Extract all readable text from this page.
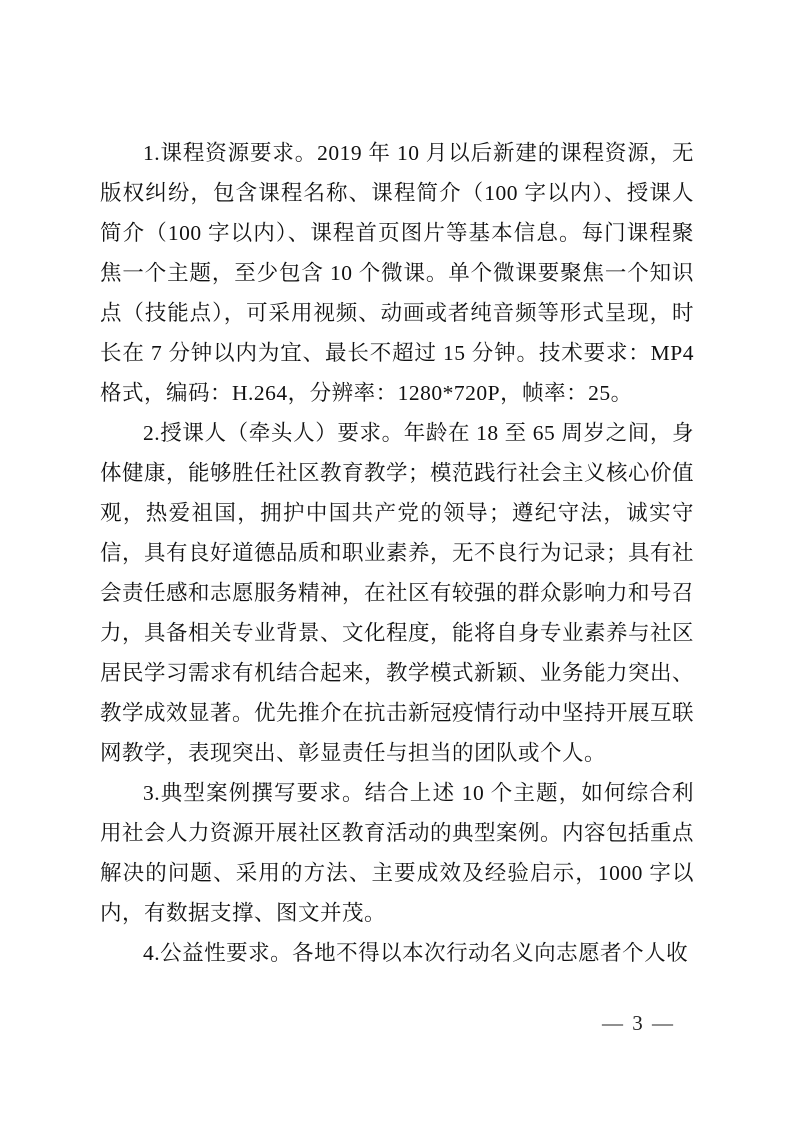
1.课程资源要求。2019 年 10 月以后新建的课程资源，无版权纠纷，包含课程名称、课程简介（100 字以内）、授课人简介（100 字以内）、课程首页图片等基本信息。每门课程聚焦一个主题，至少包含 10 个微课。单个微课要聚焦一个知识点（技能点），可采用视频、动画或者纯音频等形式呈现，时长在 7 分钟以内为宜、最长不超过 15 分钟。技术要求：MP4 格式，编码：H.264，分辨率：1280*720P，帧率：25。

2.授课人（牵头人）要求。年龄在 18 至 65 周岁之间，身体健康，能够胜任社区教育教学；模范践行社会主义核心价值观，热爱祖国，拥护中国共产党的领导；遵纪守法，诚实守信，具有良好道德品质和职业素养，无不良行为记录；具有社会责任感和志愿服务精神，在社区有较强的群众影响力和号召力，具备相关专业背景、文化程度，能将自身专业素养与社区居民学习需求有机结合起来，教学模式新颖、业务能力突出、教学成效显著。优先推介在抗击新冠疫情行动中坚持开展互联网教学，表现突出、彰显责任与担当的团队或个人。

3.典型案例撰写要求。结合上述 10 个主题，如何综合利用社会人力资源开展社区教育活动的典型案例。内容包括重点解决的问题、采用的方法、主要成效及经验启示，1000 字以内，有数据支撑、图文并茂。

4.公益性要求。各地不得以本次行动名义向志愿者个人收

— 3 —
